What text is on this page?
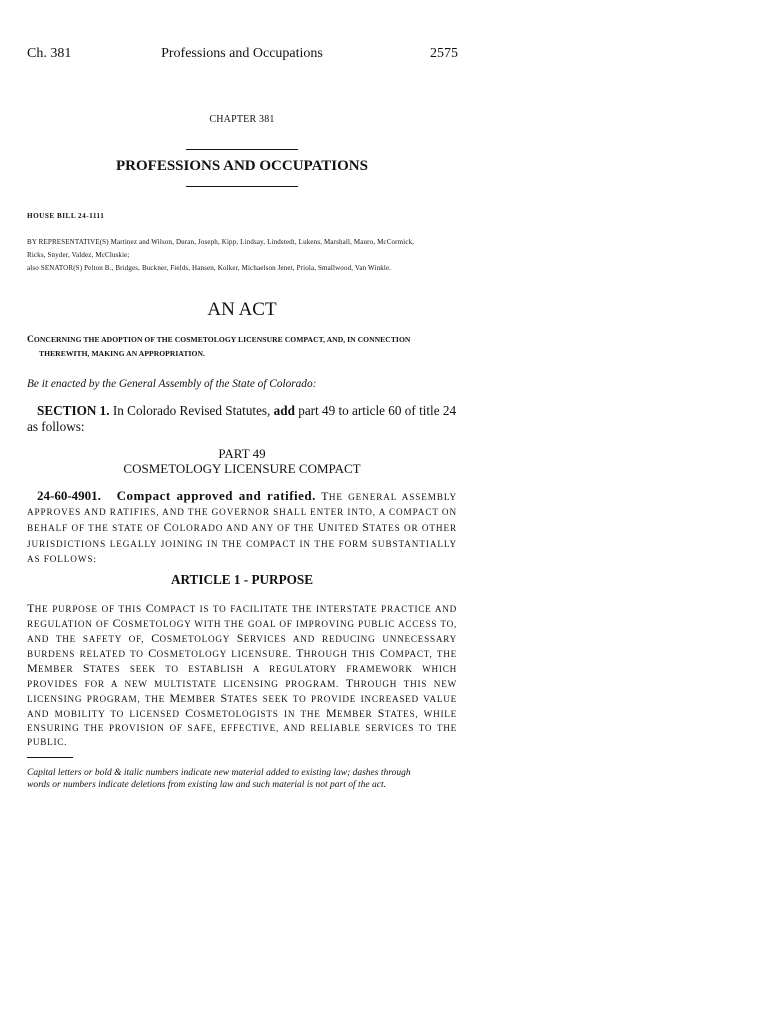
Ch. 381	Professions and Occupations	2575
CHAPTER 381
PROFESSIONS AND OCCUPATIONS
HOUSE BILL 24-1111

BY REPRESENTATIVE(S) Martinez and Wilson, Duran, Joseph, Kipp, Lindsay, Lindstedt, Lukens, Marshall, Mauro, McCormick,

Ricks, Snyder, Valdez, McCluskie;

also SENATOR(S) Pelton B., Bridges, Buckner, Fields, Hansen, Kolker, Michaelson Jenet, Priola, Smallwood, Van Winkle.

AN ACT
CONCERNING THE ADOPTION OF THE COSMETOLOGY LICENSURE COMPACT, AND, IN CONNECTION
THEREWITH, MAKING AN APPROPRIATION.
Be it enacted by the General Assembly of the State of Colorado:
SECTION 1. In Colorado Revised Statutes, add part 49 to article 60 of title 24
as follows:
PART 49
COSMETOLOGY LICENSURE COMPACT
24-60-4901. Compact approved and ratified. THE GENERAL ASSEMBLY APPROVES AND RATIFIES, AND THE GOVERNOR SHALL ENTER INTO, A COMPACT ON BEHALF OF THE STATE OF COLORADO AND ANY OF THE UNITED STATES OR OTHER JURISDICTIONS LEGALLY JOINING IN THE COMPACT IN THE FORM SUBSTANTIALLY AS FOLLOWS:
ARTICLE 1 - PURPOSE
THE PURPOSE OF THIS COMPACT IS TO FACILITATE THE INTERSTATE PRACTICE AND REGULATION OF COSMETOLOGY WITH THE GOAL OF IMPROVING PUBLIC ACCESS TO, AND THE SAFETY OF, COSMETOLOGY SERVICES AND REDUCING UNNECESSARY BURDENS RELATED TO COSMETOLOGY LICENSURE. THROUGH THIS COMPACT, THE MEMBER STATES SEEK TO ESTABLISH A REGULATORY FRAMEWORK WHICH PROVIDES FOR A NEW MULTISTATE LICENSING PROGRAM. THROUGH THIS NEW LICENSING PROGRAM, THE MEMBER STATES SEEK TO PROVIDE INCREASED VALUE AND MOBILITY TO LICENSED COSMETOLOGISTS IN THE MEMBER STATES, WHILE ENSURING THE PROVISION OF SAFE, EFFECTIVE, AND RELIABLE SERVICES TO THE PUBLIC.
Capital letters or bold & italic numbers indicate new material added to existing law; dashes through
words or numbers indicate deletions from existing law and such material is not part of the act.
